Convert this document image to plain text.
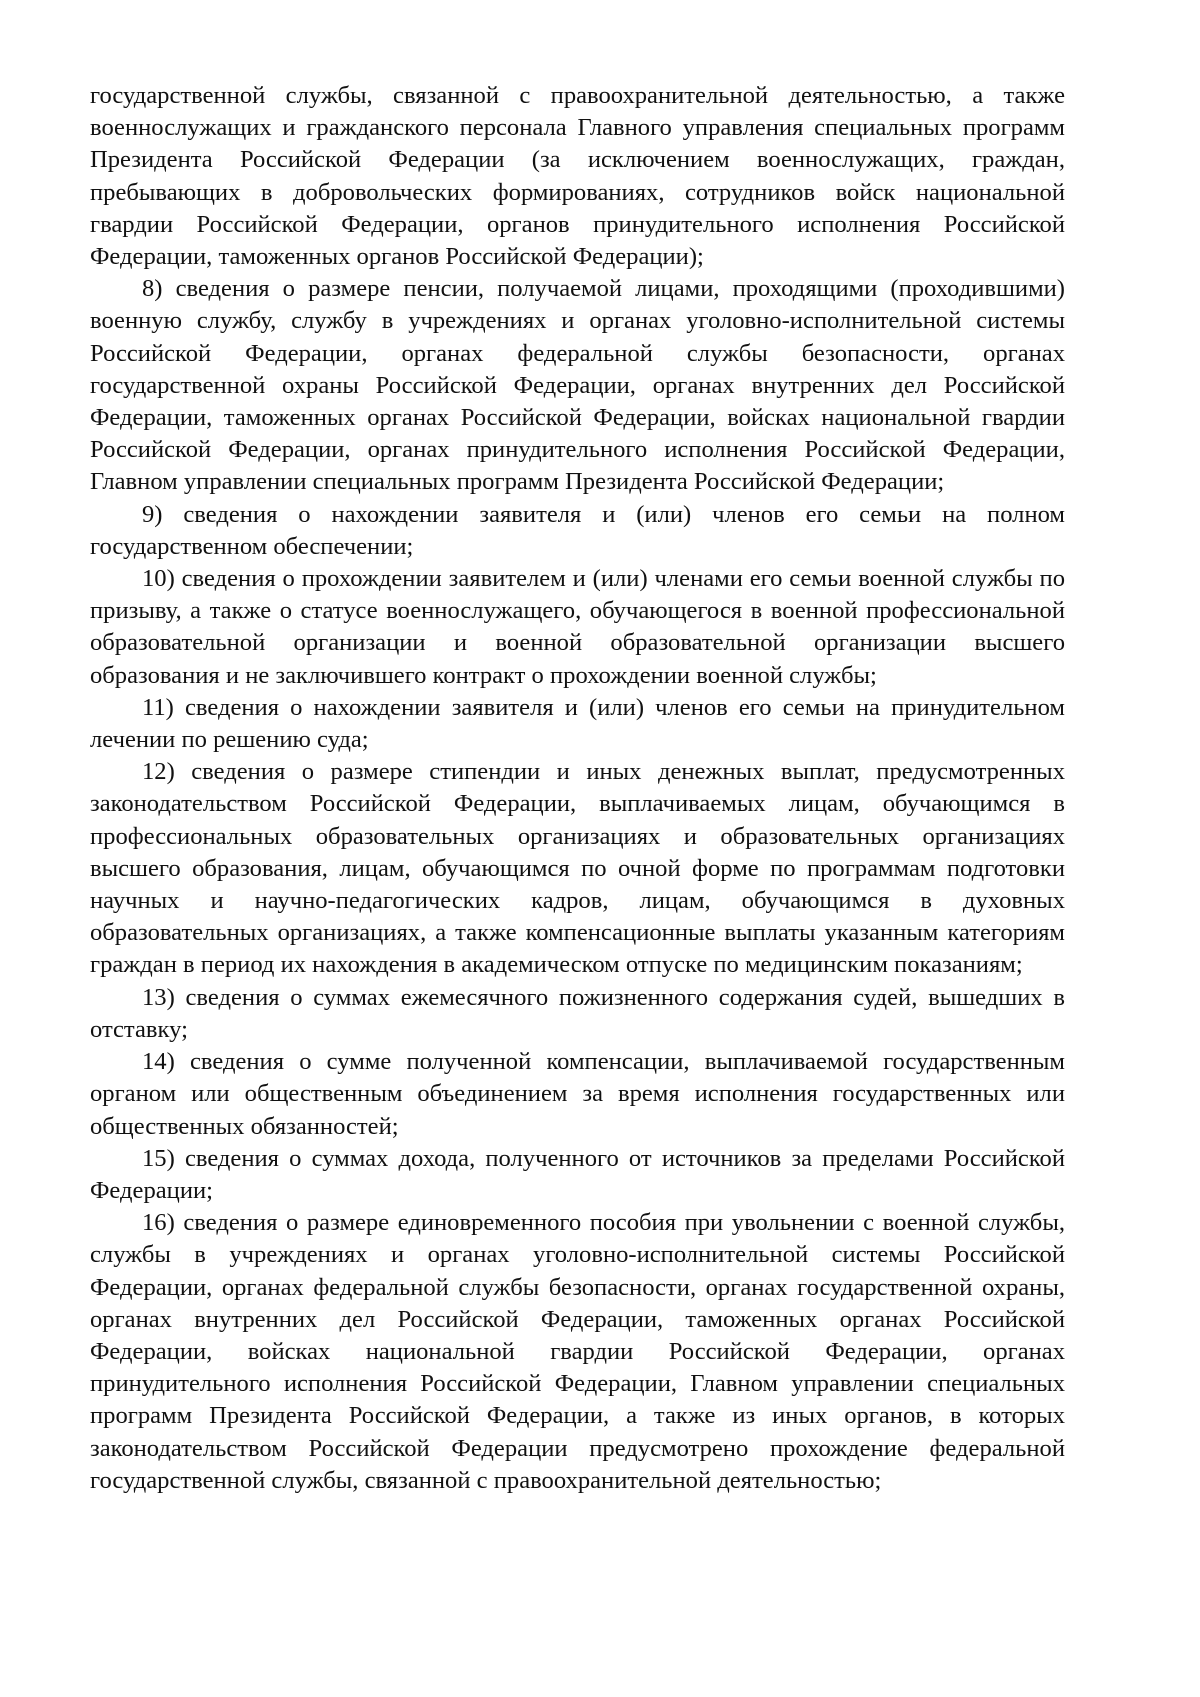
государственной службы, связанной с правоохранительной деятельностью, а также военнослужащих и гражданского персонала Главного управления специальных программ Президента Российской Федерации (за исключением военнослужащих, граждан, пребывающих в добровольческих формированиях, сотрудников войск национальной гвардии Российской Федерации, органов принудительного исполнения Российской Федерации, таможенных органов Российской Федерации);

8) сведения о размере пенсии, получаемой лицами, проходящими (проходившими) военную службу, службу в учреждениях и органах уголовно-исполнительной системы Российской Федерации, органах федеральной службы безопасности, органах государственной охраны Российской Федерации, органах внутренних дел Российской Федерации, таможенных органах Российской Федерации, войсках национальной гвардии Российской Федерации, органах принудительного исполнения Российской Федерации, Главном управлении специальных программ Президента Российской Федерации;

9) сведения о нахождении заявителя и (или) членов его семьи на полном государственном обеспечении;

10) сведения о прохождении заявителем и (или) членами его семьи военной службы по призыву, а также о статусе военнослужащего, обучающегося в военной профессиональной образовательной организации и военной образовательной организации высшего образования и не заключившего контракт о прохождении военной службы;

11) сведения о нахождении заявителя и (или) членов его семьи на принудительном лечении по решению суда;

12) сведения о размере стипендии и иных денежных выплат, предусмотренных законодательством Российской Федерации, выплачиваемых лицам, обучающимся в профессиональных образовательных организациях и образовательных организациях высшего образования, лицам, обучающимся по очной форме по программам подготовки научных и научно-педагогических кадров, лицам, обучающимся в духовных образовательных организациях, а также компенсационные выплаты указанным категориям граждан в период их нахождения в академическом отпуске по медицинским показаниям;

13) сведения о суммах ежемесячного пожизненного содержания судей, вышедших в отставку;

14) сведения о сумме полученной компенсации, выплачиваемой государственным органом или общественным объединением за время исполнения государственных или общественных обязанностей;

15) сведения о суммах дохода, полученного от источников за пределами Российской Федерации;

16) сведения о размере единовременного пособия при увольнении с военной службы, службы в учреждениях и органах уголовно-исполнительной системы Российской Федерации, органах федеральной службы безопасности, органах государственной охраны, органах внутренних дел Российской Федерации, таможенных органах Российской Федерации, войсках национальной гвардии Российской Федерации, органах принудительного исполнения Российской Федерации, Главном управлении специальных программ Президента Российской Федерации, а также из иных органов, в которых законодательством Российской Федерации предусмотрено прохождение федеральной государственной службы, связанной с правоохранительной деятельностью;
